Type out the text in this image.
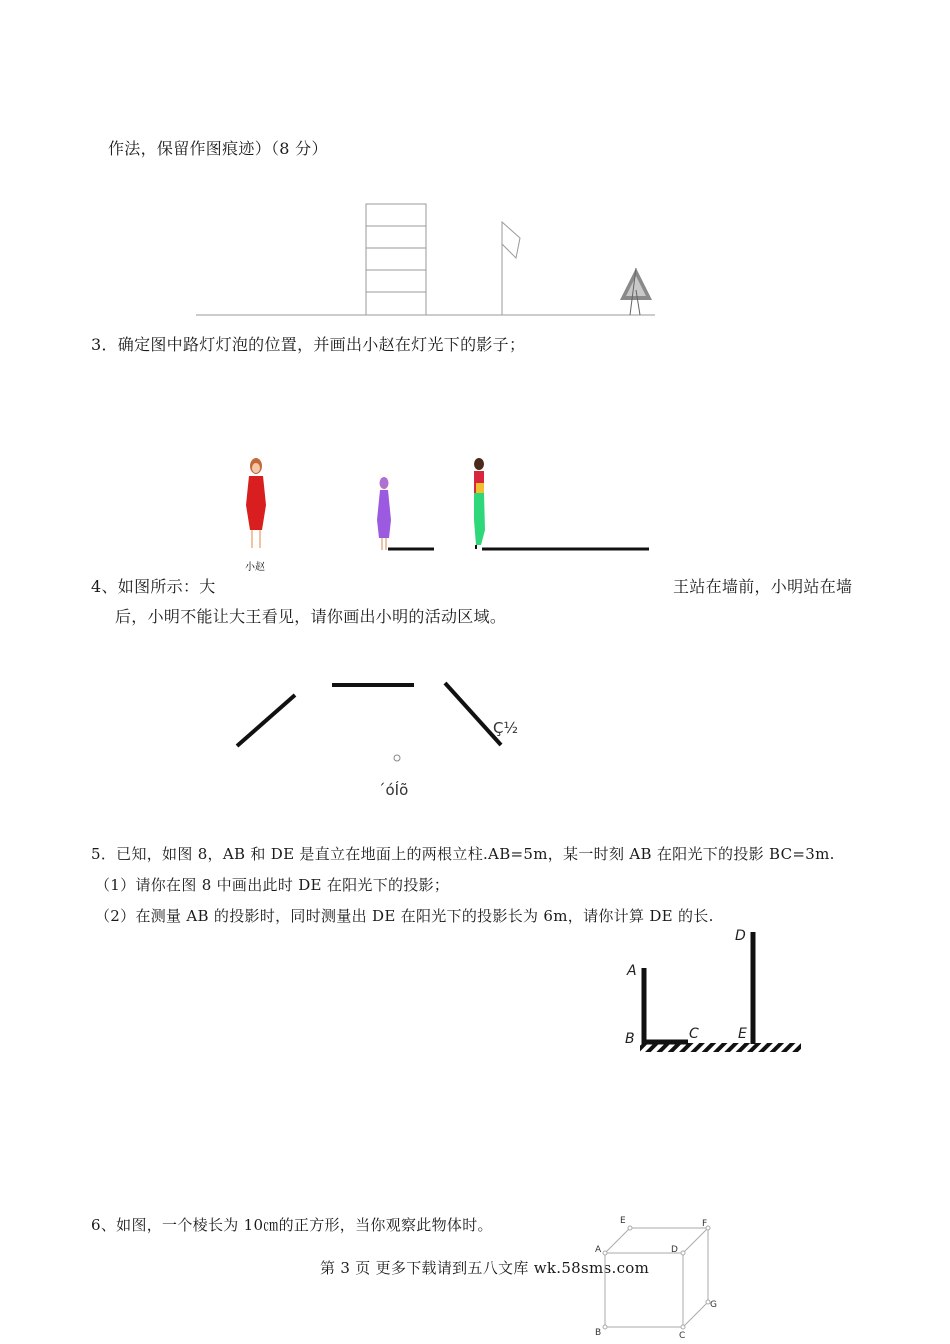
作法，保留作图痕迹）（8 分）
3．确定图中路灯灯泡的位置，并画出小赵在灯光下的影子；
4、如图所示：大	王站在墙前，小明站在墙
后，小明不能让大王看见，请你画出小明的活动区域。
5．已知，如图 8，AB 和 DE 是直立在地面上的两根立柱.AB=5m，某一时刻 AB 在阳光下的投影 BC=3m.
（1）请你在图 8 中画出此时 DE 在阳光下的投影；
（2）在测量 AB 的投影时，同时测量出 DE 在阳光下的投影长为 6m，请你计算 DE 的长.
6、如图，一个棱长为 10㎝的正方形，当你观察此物体时。
第 3 页 更多下载请到五八文库 wk.58sms.com
小赵
Ç½
´óÍõ
A
B	C	E
D
E	F
A	D
G
B	C
